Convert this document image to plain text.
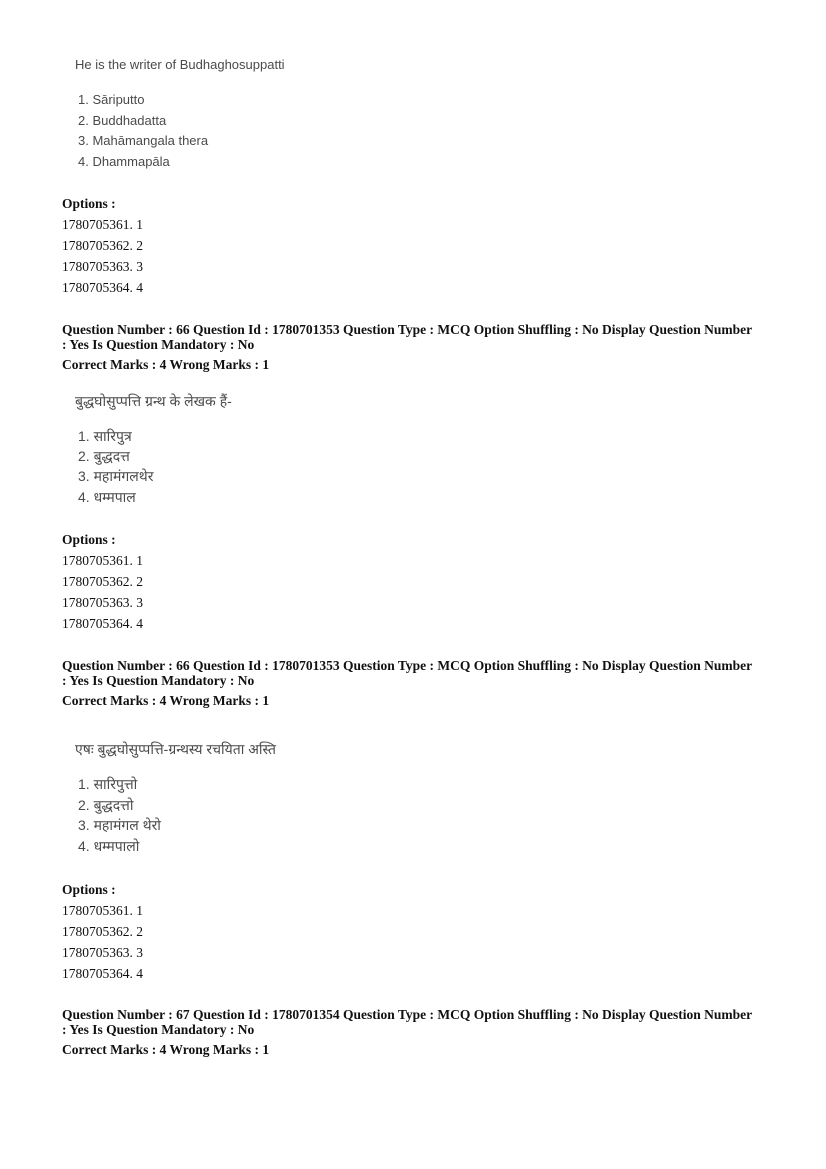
He is the writer of Budhaghosuppatti
1. Sāriputto
2. Buddhadatta
3. Mahāmangala thera
4. Dhammapāla
Options :
1780705361. 1
1780705362. 2
1780705363. 3
1780705364. 4
Question Number : 66 Question Id : 1780701353 Question Type : MCQ Option Shuffling : No Display Question Number
: Yes Is Question Mandatory : No
Correct Marks : 4 Wrong Marks : 1
बुद्धघोसुप्पत्ति ग्रन्थ के लेखक हैं-
1. सारिपुत्र
2. बुद्धदत्त
3. महामंगलथेर
4. धम्मपाल
Options :
1780705361. 1
1780705362. 2
1780705363. 3
1780705364. 4
Question Number : 66 Question Id : 1780701353 Question Type : MCQ Option Shuffling : No Display Question Number
: Yes Is Question Mandatory : No
Correct Marks : 4 Wrong Marks : 1
एषः बुद्धघोसुप्पत्ति-ग्रन्थस्य रचयिता अस्ति
1. सारिपुत्तो
2. बुद्धदत्तो
3. महामंगल थेरो
4. धम्मपालो
Options :
1780705361. 1
1780705362. 2
1780705363. 3
1780705364. 4
Question Number : 67 Question Id : 1780701354 Question Type : MCQ Option Shuffling : No Display Question Number
: Yes Is Question Mandatory : No
Correct Marks : 4 Wrong Marks : 1
